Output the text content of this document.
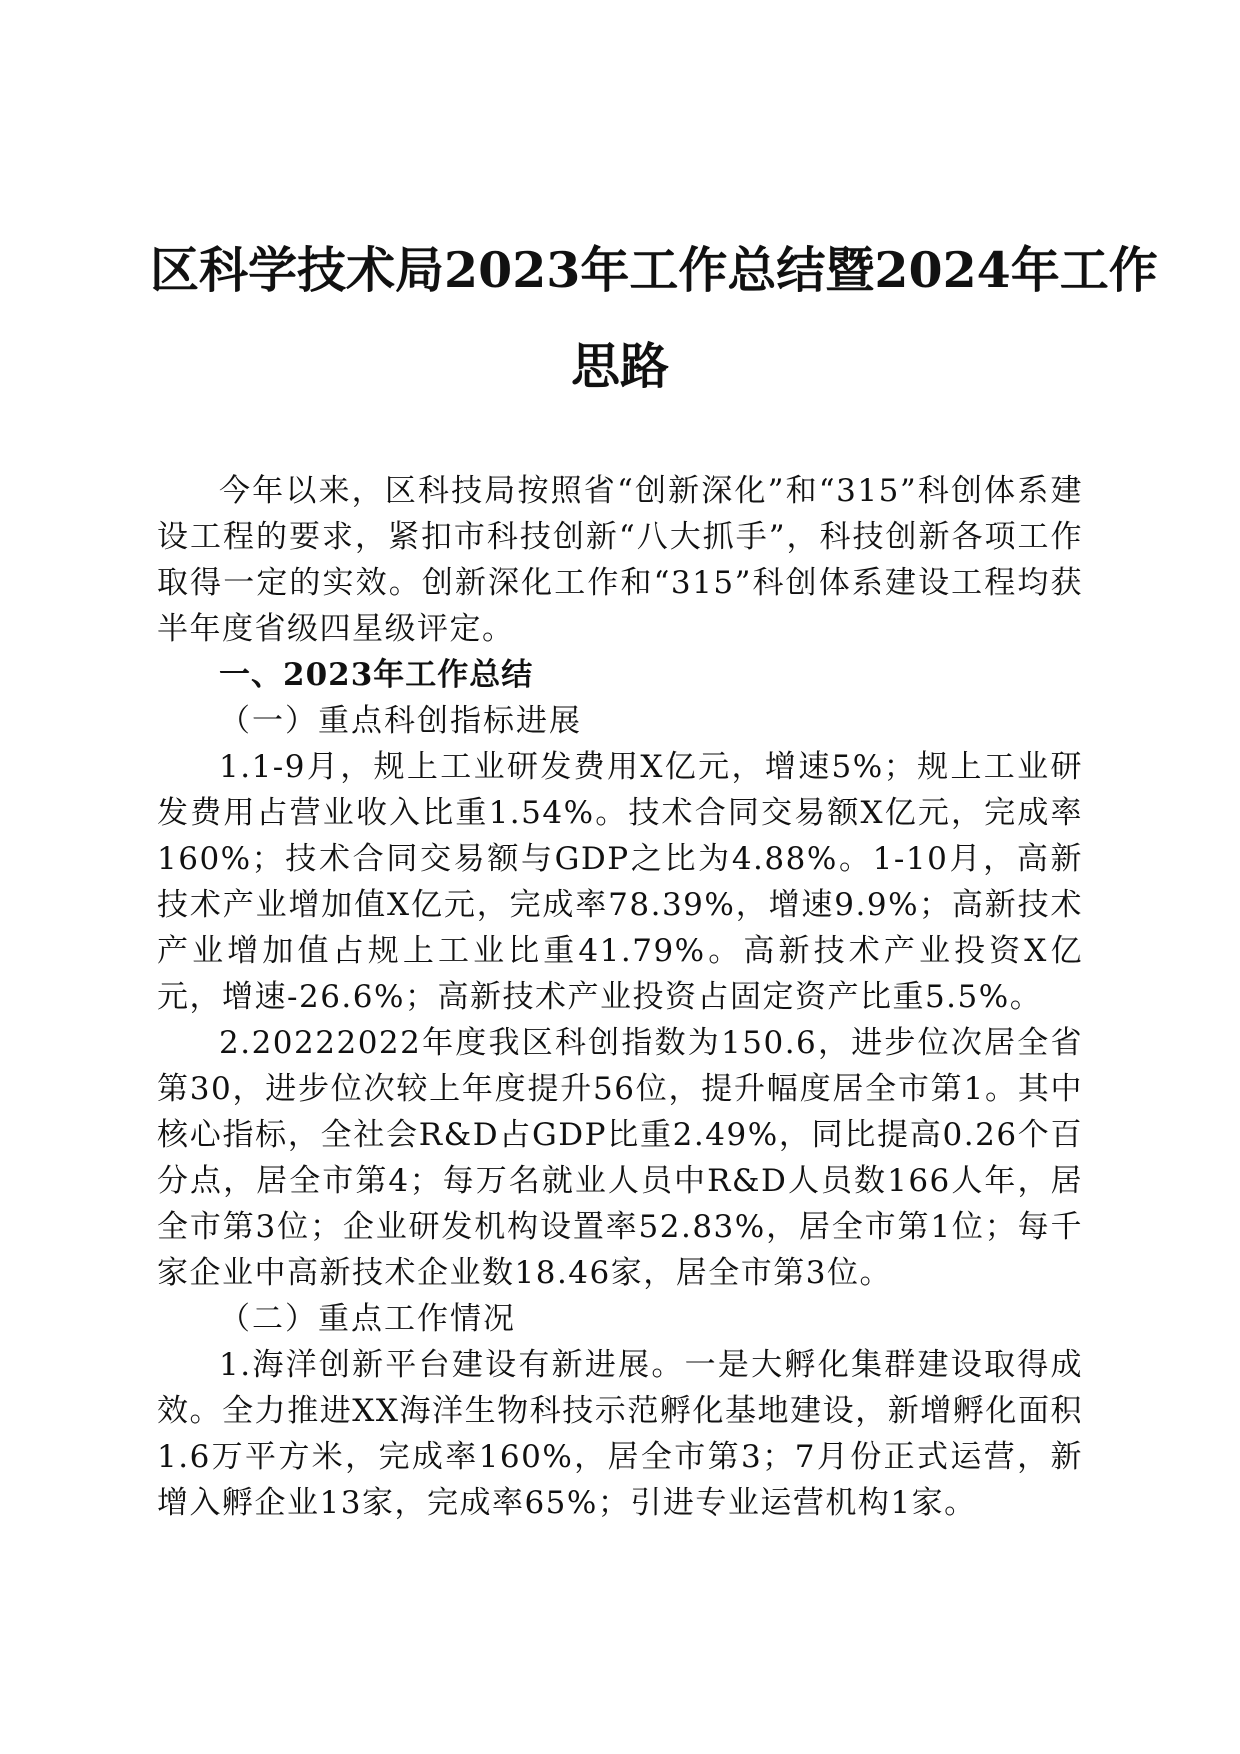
区科学技术局2023年工作总结暨2024年工作
思路

今年以来，区科技局按照省“创新深化”和“315”科创体系建设工程的要求，紧扣市科技创新“八大抓手”，科技创新各项工作取得一定的实效。创新深化工作和“315”科创体系建设工程均获半年度省级四星级评定。

一、2023年工作总结

（一）重点科创指标进展

1.1-9月，规上工业研发费用X亿元，增速5%；规上工业研发费用占营业收入比重1.54%。技术合同交易额X亿元，完成率160%；技术合同交易额与GDP之比为4.88%。1-10月，高新技术产业增加值X亿元，完成率78.39%，增速9.9%；高新技术产业增加值占规上工业比重41.79%。高新技术产业投资X亿元，增速-26.6%；高新技术产业投资占固定资产比重5.5%。

2.20222022年度我区科创指数为150.6，进步位次居全省第30，进步位次较上年度提升56位，提升幅度居全市第1。其中核心指标，全社会R&D占GDP比重2.49%，同比提高0.26个百分点，居全市第4；每万名就业人员中R&D人员数166人年，居全市第3位；企业研发机构设置率52.83%，居全市第1位；每千家企业中高新技术企业数18.46家，居全市第3位。

（二）重点工作情况

1.海洋创新平台建设有新进展。一是大孵化集群建设取得成效。全力推进XX海洋生物科技示范孵化基地建设，新增孵化面积1.6万平方米，完成率160%，居全市第3；7月份正式运营，新增入孵企业13家，完成率65%；引进专业运营机构1家。
